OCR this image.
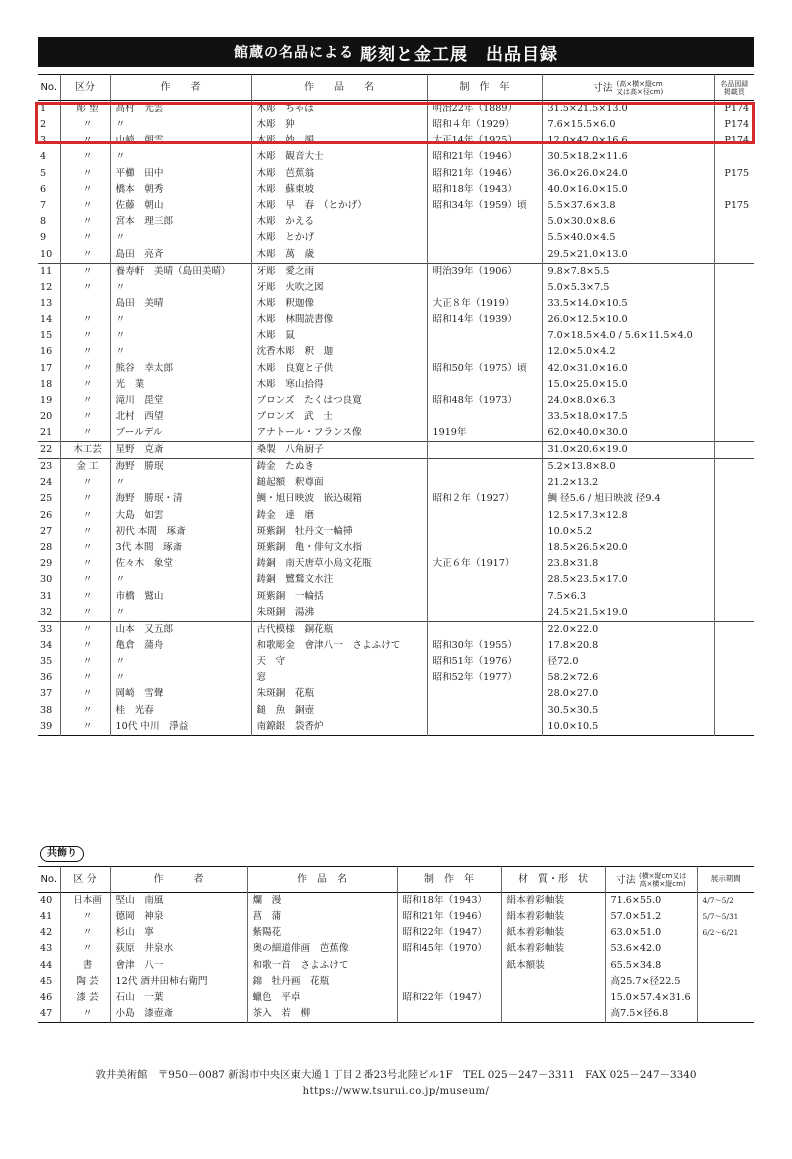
館蔵の名品による 彫刻と金工展　出品目録
No.	区分	作　　者	作　　品　　名	制　作　年	寸法 (高×横×縦cm
又は高×径cm)	名品図録
掲載頁
1	彫 塑	高村　光雲	木彫　ちゃぼ	明治22年（1889）	31.5×21.5×13.0	P174
2	〃	〃	木彫　狆	昭和４年（1929）	7.6×15.5×6.0	P174
3	〃	山崎　朝雲	木彫　妙　韻	大正14年（1925）	12.0×42.0×16.6	P174
4	〃	〃	木彫　観音大士	昭和21年（1946）	30.5×18.2×11.6	
5	〃	平櫛　田中	木彫　芭蕉翁	昭和21年（1946）	36.0×26.0×24.0	P175
6	〃	橋本　朝秀	木彫　蘇東坡	昭和18年（1943）	40.0×16.0×15.0	
7	〃	佐藤　朝山	木彫　早　春　（とかげ）	昭和34年（1959）頃	5.5×37.6×3.8	P175
8	〃	宮本　理三郎	木彫　かえる		5.0×30.0×8.6	
9	〃	〃	木彫　とかげ		5.5×40.0×4.5	
10	〃	島田　亮斉	木彫　萬　歳		29.5×21.0×13.0	
11	〃	養寿軒　美晴（島田美晴）	牙彫　愛之雨	明治39年（1906）	9.8×7.8×5.5	
12	〃	〃	牙彫　火吹之図		5.0×5.3×7.5	
13		島田　美晴	木彫　釈迦像	大正８年（1919）	33.5×14.0×10.5	
14	〃	〃	木彫　林間読書像	昭和14年（1939）	26.0×12.5×10.0	
15	〃	〃	木彫　鼠		7.0×18.5×4.0 / 5.6×11.5×4.0	
16	〃	〃	沈香木彫　釈　迦		12.0×5.0×4.2	
17	〃	熊谷　幸太郎	木彫　良寛と子供	昭和50年（1975）頃	42.0×31.0×16.0	
18	〃	光　業	木彫　寒山拾得		15.0×25.0×15.0	
19	〃	滝川　毘堂	ブロンズ　たくはつ良寛	昭和48年（1973）	24.0×8.0×6.3	
20	〃	北村　西望	ブロンズ　武　士		33.5×18.0×17.5	
21	〃	ブールデル	アナトール・フランス像	1919年	62.0×40.0×30.0	
22	木工芸	星野　克斎	桑製　八角厨子		31.0×20.6×19.0	
23	金 工	海野　勝珉	鋳金　たぬき		5.2×13.8×8.0	
24	〃	〃	鎚起額　釈尊面		21.2×13.2	
25	〃	海野　勝珉・清	鯛・旭日映波　嵌込硯箱	昭和２年（1927）	鯛 径5.6 / 旭日映波 径9.4	
26	〃	大島　如雲	鋳金　達　磨		12.5×17.3×12.8	
27	〃	初代 本間　琢斎	斑紫銅　牡丹文一輪挿		10.0×5.2	
28	〃	3代 本間　琢斎	斑紫銅　亀・俳句文水指		18.5×26.5×20.0	
29	〃	佐々木　象堂	鋳銅　南天唐草小鳥文花瓶	大正６年（1917）	23.8×31.8	
30	〃	〃	鋳銅　鷺鶩文水注		28.5×23.5×17.0	
31	〃	市橋　鷲山	斑紫銅　一輪括		7.5×6.3	
32	〃	〃	朱斑銅　湯沸		24.5×21.5×19.0	
33	〃	山本　又五郎	古代模様　銅花瓶		22.0×22.0	
34	〃	亀倉　蒲舟	和歌彫金　會津八一　さよふけて	昭和30年（1955）	17.8×20.8	
35	〃	〃	天　守	昭和51年（1976）	径72.0	
36	〃	〃	窓	昭和52年（1977）	58.2×72.6	
37	〃	岡崎　雪聲	朱斑銅　花瓶		28.0×27.0	
38	〃	桂　光春	鎚　魚　銅壺		30.5×30.5	
39	〃	10代 中川　淨益	南鐐銀　袋香炉		10.0×10.5	
共飾り
No.	区 分	作　　　者	作　品　名	制　作　年	材　質・形　状	寸法 (横×縦cm又は
高×横×縦cm)	展示期間
40	日本画	堅山　南風	爛　漫	昭和18年（1943）	絹本着彩軸装	71.6×55.0	4/7〜5/2
41	〃	德岡　神泉	菖　蒲	昭和21年（1946）	絹本着彩軸装	57.0×51.2	5/7〜5/31
42	〃	杉山　寧	紫陽花	昭和22年（1947）	紙本着彩軸装	63.0×51.0	6/2〜6/21
43	〃	荻原　井泉水	奥の細道俳画　芭蕉像	昭和45年（1970）	紙本着彩軸装	53.6×42.0	
44	書	會津　八一	和歌一首　さよふけて		紙本額装	65.5×34.8	
45	陶 芸	12代 酒井田柿右衛門	錦　牡丹画　花瓶			高25.7×径22.5	
46	漆 芸	石山　一葉	蠟色　平卓	昭和22年（1947）		15.0×57.4×31.6	
47	〃	小島　漆壺斎	茶入　若　柳			高7.5×径6.8	
敦井美術館　〒950－0087 新潟市中央区東大通１丁目２番23号北陸ビル1F　TEL 025－247－3311　FAX 025－247－3340
https://www.tsurui.co.jp/museum/
